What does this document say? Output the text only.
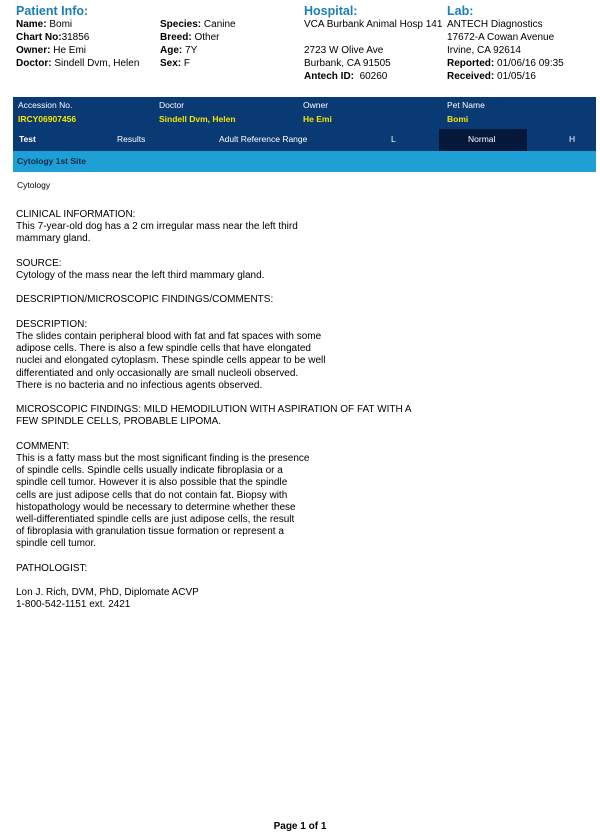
Patient Info:
Name: Bomi
Chart No:31856
Owner: He Emi
Doctor: Sindell Dvm, Helen
Species: Canine
Breed: Other
Age: 7Y
Sex: F
Hospital:
VCA Burbank Animal Hosp 141
2723 W Olive Ave
Burbank, CA 91505
Antech ID: 60260
Lab:
ANTECH Diagnostics
17672-A Cowan Avenue
Irvine, CA 92614
Reported: 01/06/16 09:35
Received: 01/05/16
Accession No.
IRCY06907456
Doctor
Sindell Dvm, Helen
Owner
He Emi
Pet Name
Bomi
Test	Results	Adult Reference Range	L	Normal	H
Cytology 1st Site
Cytology
CLINICAL INFORMATION:
This 7-year-old dog has a 2 cm irregular mass near the left third
mammary gland.
SOURCE:
Cytology of the mass near the left third mammary gland.
DESCRIPTION/MICROSCOPIC FINDINGS/COMMENTS:
DESCRIPTION:
The slides contain peripheral blood with fat and fat spaces with some
adipose cells. There is also a few spindle cells that have elongated
nuclei and elongated cytoplasm. These spindle cells appear to be well
differentiated and only occasionally are small nucleoli observed.
There is no bacteria and no infectious agents observed.
MICROSCOPIC FINDINGS: MILD HEMODILUTION WITH ASPIRATION OF FAT WITH A
FEW SPINDLE CELLS, PROBABLE LIPOMA.
COMMENT:
This is a fatty mass but the most significant finding is the presence
of spindle cells. Spindle cells usually indicate fibroplasia or a
spindle cell tumor. However it is also possible that the spindle
cells are just adipose cells that do not contain fat. Biopsy with
histopathology would be necessary to determine whether these
well-differentiated spindle cells are just adipose cells, the result
of fibroplasia with granulation tissue formation or represent a
spindle cell tumor.
PATHOLOGIST:
Lon J. Rich, DVM, PhD, Diplomate ACVP
1-800-542-1151 ext. 2421
Page 1 of 1
